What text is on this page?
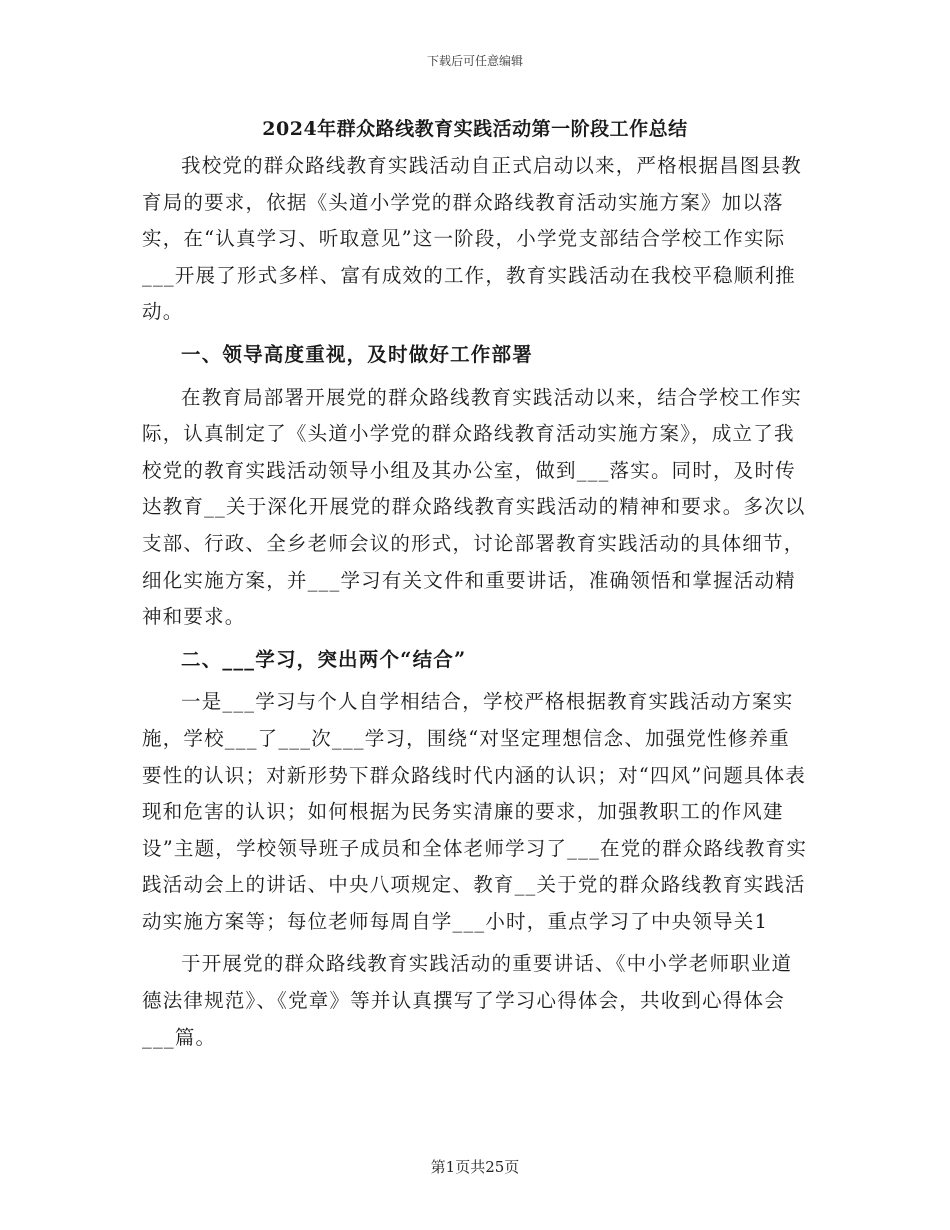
下载后可任意编辑
2024年群众路线教育实践活动第一阶段工作总结

我校党的群众路线教育实践活动自正式启动以来，严格根据昌图县教育局的要求，依据《头道小学党的群众路线教育活动实施方案》加以落实，在“认真学习、听取意见”这一阶段，小学党支部结合学校工作实际___开展了形式多样、富有成效的工作，教育实践活动在我校平稳顺利推动。

一、领导高度重视，及时做好工作部署

在教育局部署开展党的群众路线教育实践活动以来，结合学校工作实际，认真制定了《头道小学党的群众路线教育活动实施方案》，成立了我校党的教育实践活动领导小组及其办公室，做到___落实。同时，及时传达教育__关于深化开展党的群众路线教育实践活动的精神和要求。多次以支部、行政、全乡老师会议的形式，讨论部署教育实践活动的具体细节，细化实施方案，并___学习有关文件和重要讲话，准确领悟和掌握活动精神和要求。

二、___学习，突出两个“结合”

一是___学习与个人自学相结合，学校严格根据教育实践活动方案实施，学校___了___次___学习，围绕“对坚定理想信念、加强党性修养重要性的认识；对新形势下群众路线时代内涵的认识；对“四风”问题具体表现和危害的认识；如何根据为民务实清廉的要求，加强教职工的作风建设”主题，学校领导班子成员和全体老师学习了___在党的群众路线教育实践活动会上的讲话、中央八项规定、教育__关于党的群众路线教育实践活动实施方案等；每位老师每周自学___小时，重点学习了中央领导关1

于开展党的群众路线教育实践活动的重要讲话、《中小学老师职业道德法律规范》、《党章》等并认真撰写了学习心得体会，共收到心得体会___篇。

第1页共25页
